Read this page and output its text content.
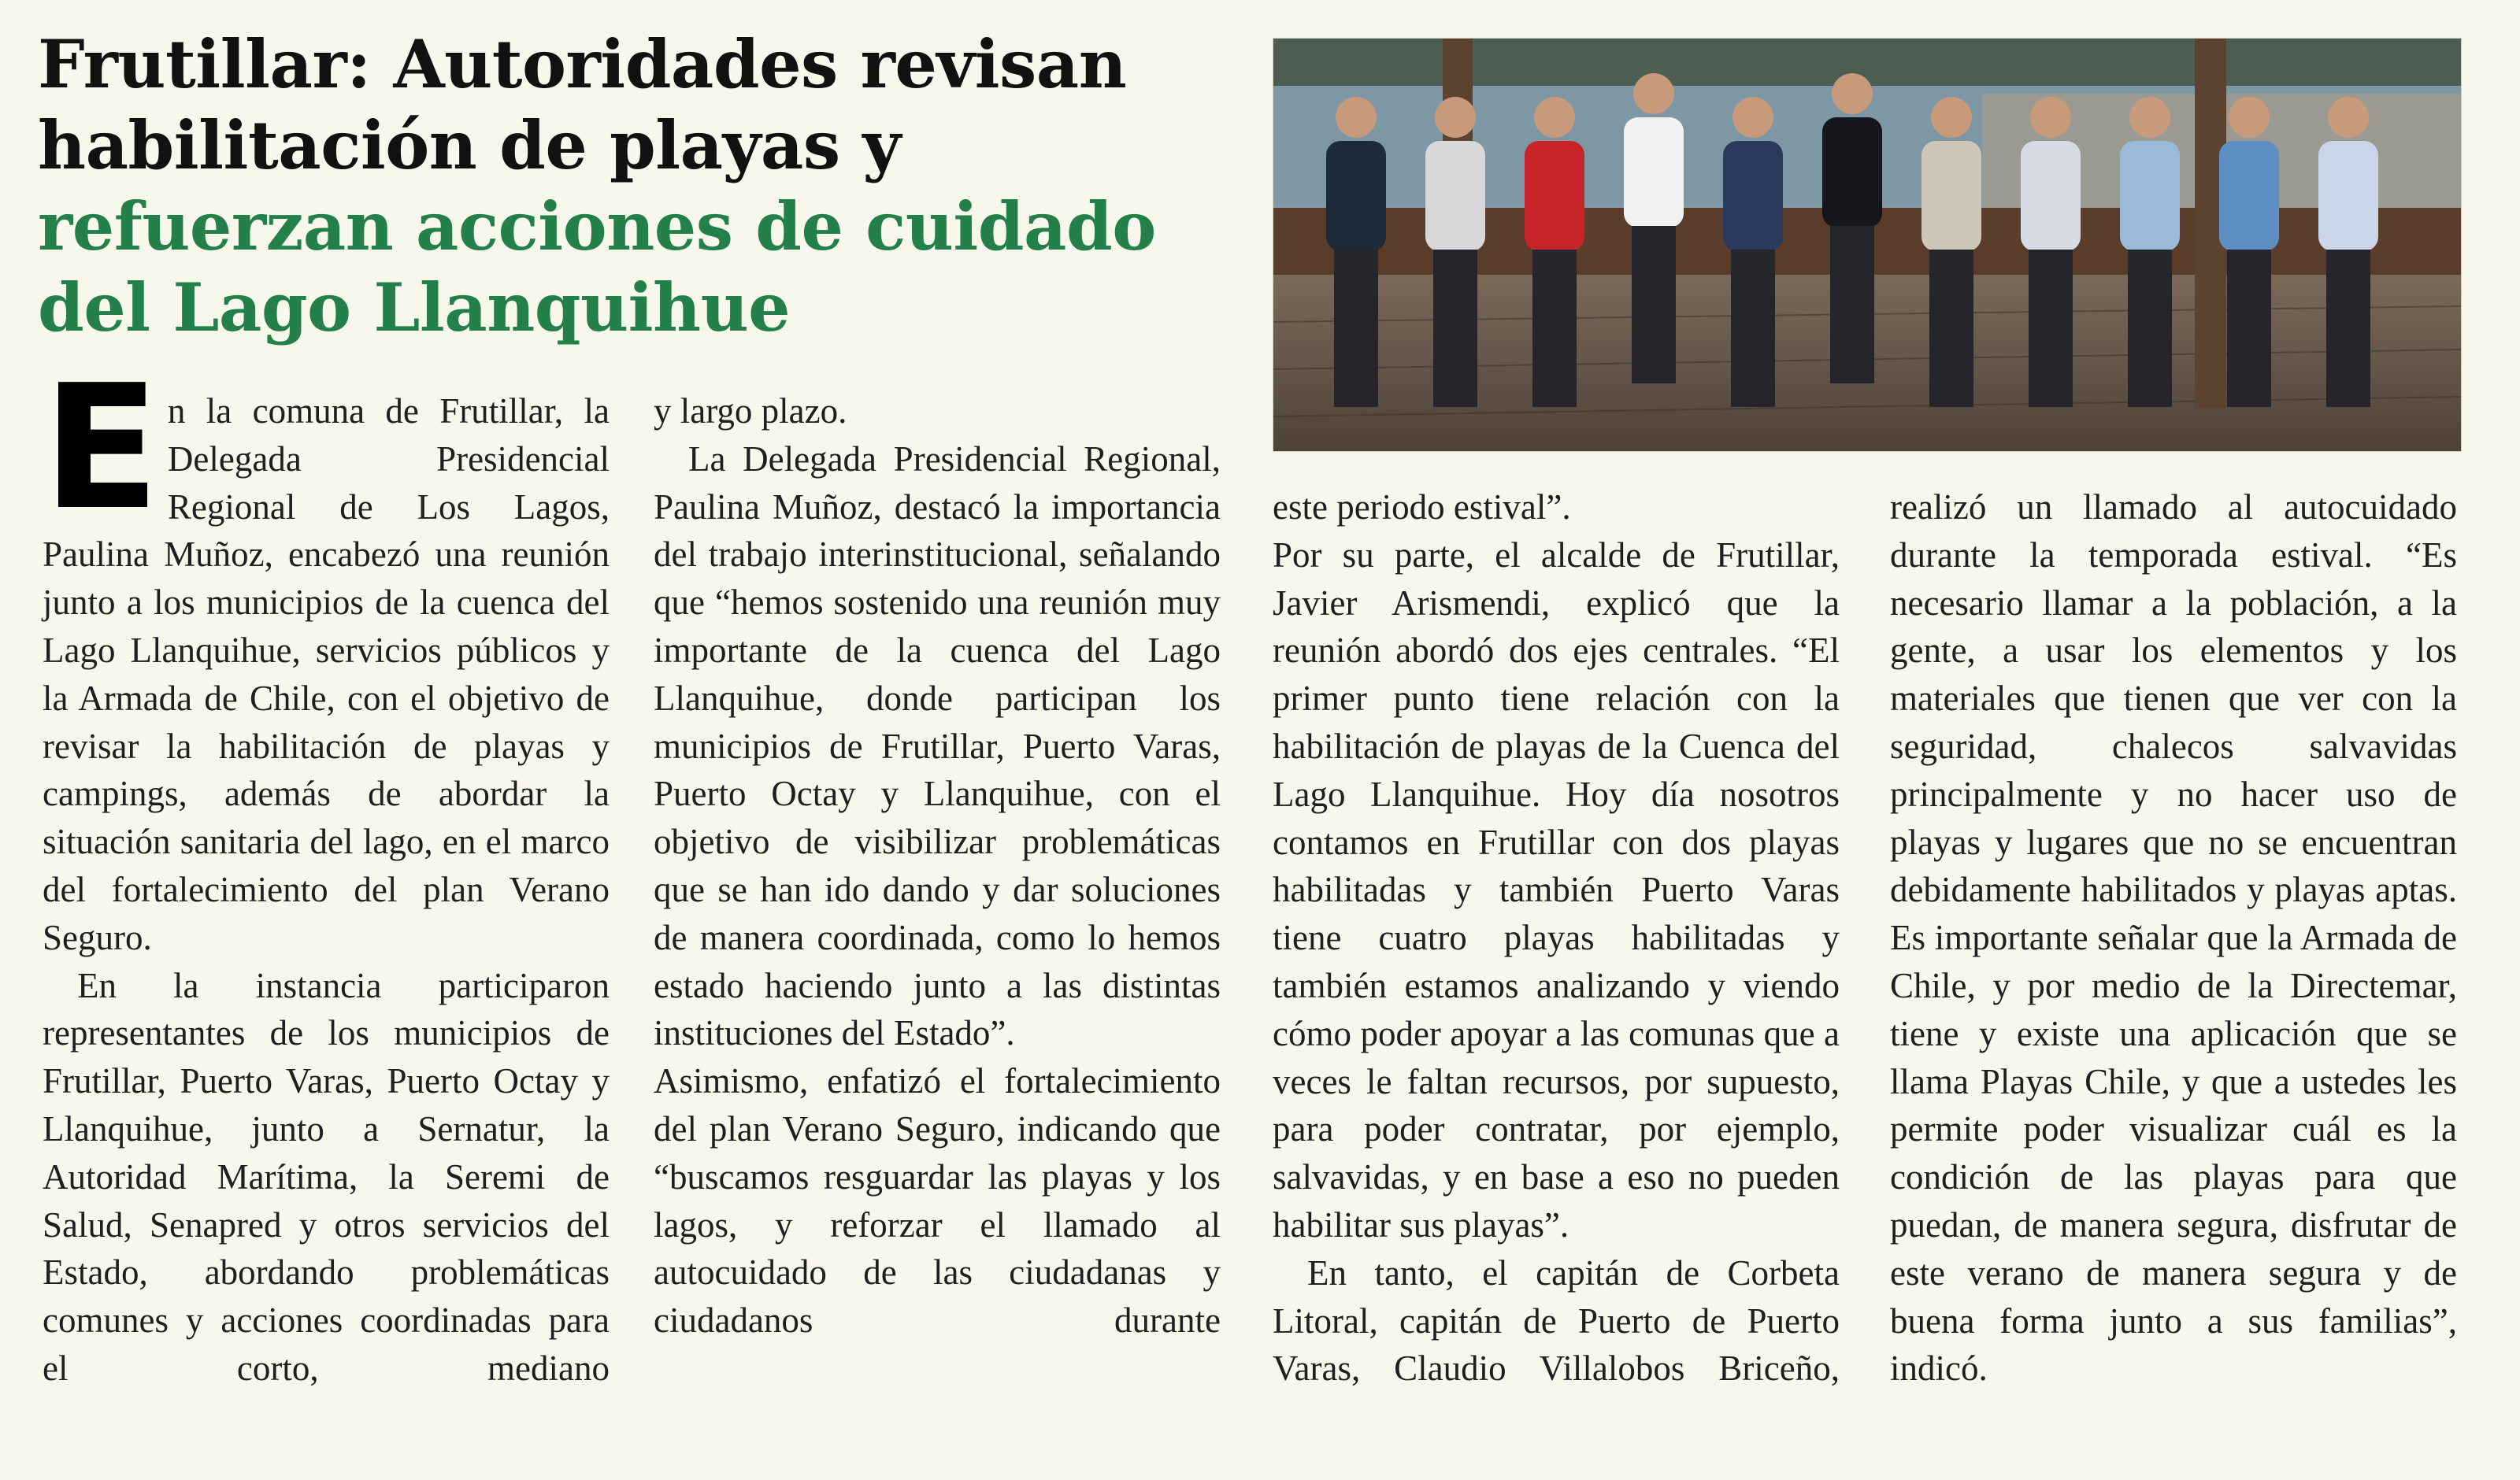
Frutillar: Autoridades revisan
habilitación de playas y
refuerzan acciones de cuidado
del Lago Llanquihue
E n la comuna de Frutillar, la Delegada Presidencial Regional de Los Lagos, Paulina Muñoz, encabezó una reunión junto a los municipios de la cuenca del Lago Llanquihue, servicios públicos y la Armada de Chile, con el objetivo de revisar la habilitación de playas y campings, además de abordar la situación sanitaria del lago, en el marco del fortalecimiento del plan Verano Seguro.

En la instancia participaron representantes de los municipios de Frutillar, Puerto Varas, Puerto Octay y Llanquihue, junto a Sernatur, la Autoridad Marítima, la Seremi de Salud, Senapred y otros servicios del Estado, abordando problemáticas comunes y acciones coordinadas para el corto, mediano

y largo plazo.

La Delegada Presidencial Regional, Paulina Muñoz, destacó la importancia del trabajo interinstitucional, señalando que “hemos sostenido una reunión muy importante de la cuenca del Lago Llanquihue, donde participan los municipios de Frutillar, Puerto Varas, Puerto Octay y Llanquihue, con el objetivo de visibilizar problemáticas que se han ido dando y dar soluciones de manera coordinada, como lo hemos estado haciendo junto a las distintas instituciones del Estado”.

Asimismo, enfatizó el fortalecimiento del plan Verano Seguro, indicando que “buscamos resguardar las playas y los lagos, y reforzar el llamado al autocuidado de las ciudadanas y ciudadanos durante

este periodo estival”.

Por su parte, el alcalde de Frutillar, Javier Arismendi, explicó que la reunión abordó dos ejes centrales. “El primer punto tiene relación con la habilitación de playas de la Cuenca del Lago Llanquihue. Hoy día nosotros contamos en Frutillar con dos playas habilitadas y también Puerto Varas tiene cuatro playas habilitadas y también estamos analizando y viendo cómo poder apoyar a las comunas que a veces le faltan recursos, por supuesto, para poder contratar, por ejemplo, salvavidas, y en base a eso no pueden habilitar sus playas”.

En tanto, el capitán de Corbeta Litoral, capitán de Puerto de Puerto Varas, Claudio Villalobos Briceño,

realizó un llamado al autocuidado durante la temporada estival. “Es necesario llamar a la población, a la gente, a usar los elementos y los materiales que tienen que ver con la seguridad, chalecos salvavidas principalmente y no hacer uso de playas y lugares que no se encuentran debidamente habilitados y playas aptas. Es importante señalar que la Armada de Chile, y por medio de la Directemar, tiene y existe una aplicación que se llama Playas Chile, y que a ustedes les permite poder visualizar cuál es la condición de las playas para que puedan, de manera segura, disfrutar de este verano de manera segura y de buena forma junto a sus familias”, indicó.
